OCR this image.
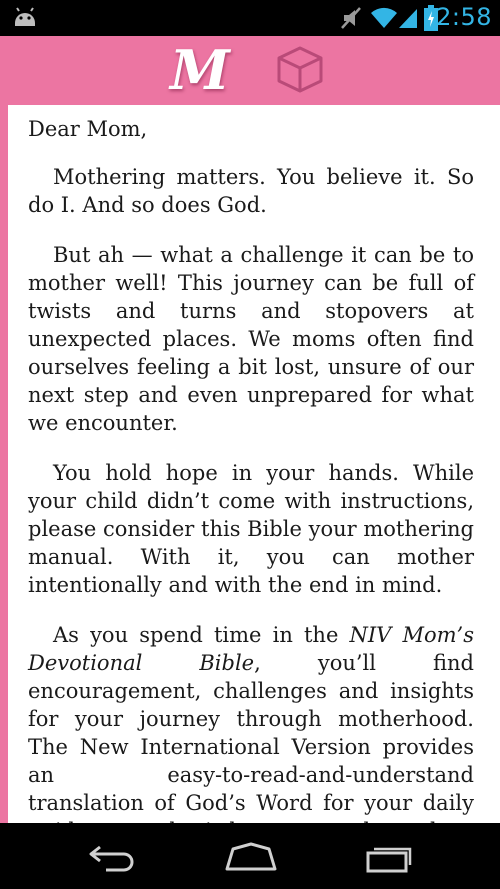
2:58
M

Dear Mom,

Mothering matters. You believe it. So do I. And so does God.

But ah — what a challenge it can be to mother well! This journey can be full of twists and turns and stopovers at unexpected places. We moms often find ourselves feeling a bit lost, unsure of our next step and even unprepared for what we encounter.

You hold hope in your hands. While your child didn’t come with instructions, please consider this Bible your mothering manual. With it, you can mother intentionally and with the end in mind.

As you spend time in the NIV Mom’s Devotional Bible, you’ll find encouragement, challenges and insights for your journey through motherhood. The New International Version provides an easy-to-read-and-understand translation of God’s Word for your daily
